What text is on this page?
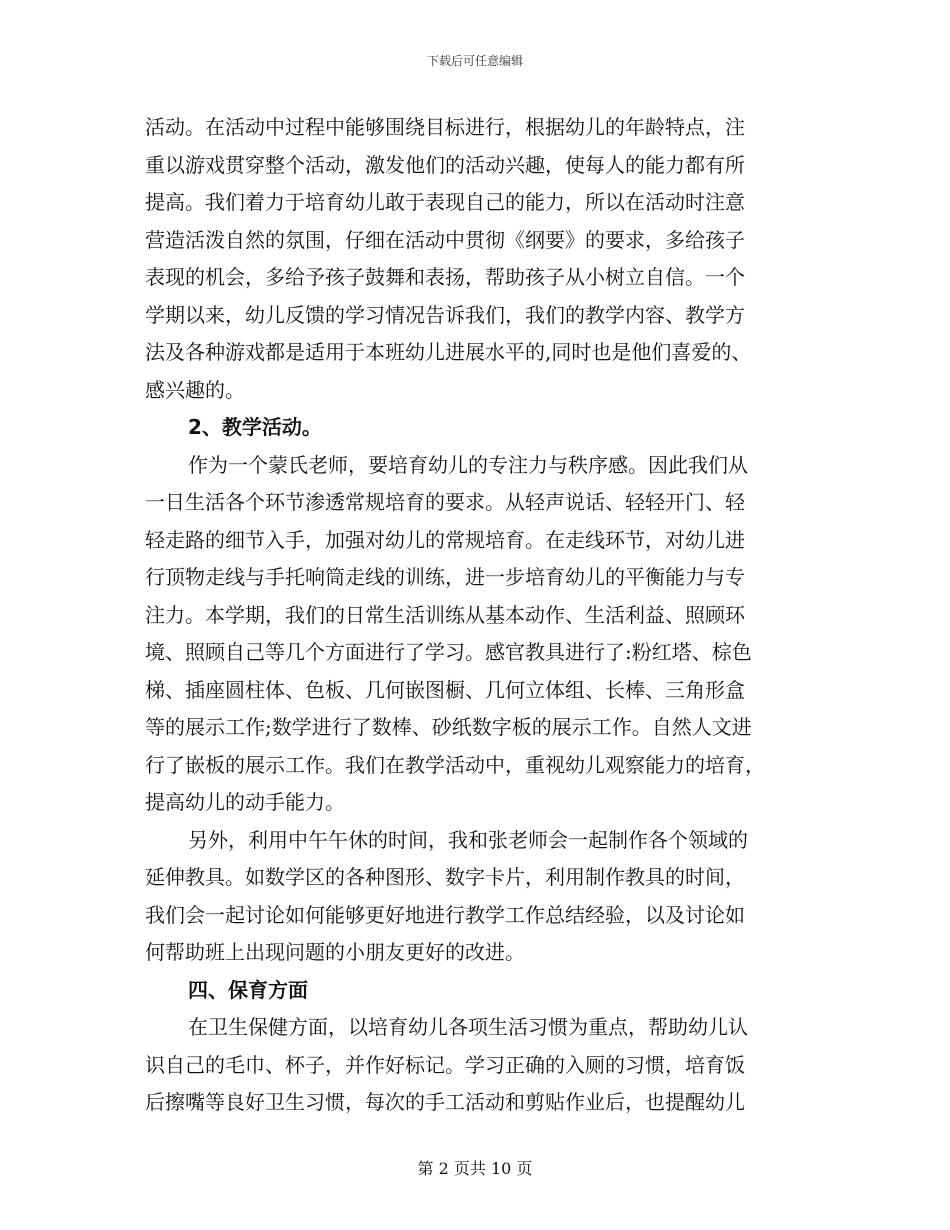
下载后可任意编辑
活动。在活动中过程中能够围绕目标进行，根据幼儿的年龄特点，注
重以游戏贯穿整个活动，激发他们的活动兴趣，使每人的能力都有所
提高。我们着力于培育幼儿敢于表现自己的能力，所以在活动时注意
营造活泼自然的氛围，仔细在活动中贯彻《纲要》的要求，多给孩子
表现的机会，多给予孩子鼓舞和表扬，帮助孩子从小树立自信。一个
学期以来，幼儿反馈的学习情况告诉我们，我们的教学内容、教学方
法及各种游戏都是适用于本班幼儿进展水平的,同时也是他们喜爱的、
感兴趣的。
2、教学活动。
作为一个蒙氏老师，要培育幼儿的专注力与秩序感。因此我们从
一日生活各个环节渗透常规培育的要求。从轻声说话、轻轻开门、轻
轻走路的细节入手，加强对幼儿的常规培育。在走线环节，对幼儿进
行顶物走线与手托响筒走线的训练，进一步培育幼儿的平衡能力与专
注力。本学期，我们的日常生活训练从基本动作、生活利益、照顾环
境、照顾自己等几个方面进行了学习。感官教具进行了:粉红塔、棕色
梯、插座圆柱体、色板、几何嵌图橱、几何立体组、长棒、三角形盒
等的展示工作;数学进行了数棒、砂纸数字板的展示工作。自然人文进
行了嵌板的展示工作。我们在教学活动中，重视幼儿观察能力的培育，
提高幼儿的动手能力。
另外，利用中午午休的时间，我和张老师会一起制作各个领域的
延伸教具。如数学区的各种图形、数字卡片，利用制作教具的时间，
我们会一起讨论如何能够更好地进行教学工作总结经验，以及讨论如
何帮助班上出现问题的小朋友更好的改进。
四、保育方面
在卫生保健方面，以培育幼儿各项生活习惯为重点，帮助幼儿认
识自己的毛巾、杯子，并作好标记。学习正确的入厕的习惯，培育饭
后擦嘴等良好卫生习惯，每次的手工活动和剪贴作业后，也提醒幼儿
第 2 页共 10 页
